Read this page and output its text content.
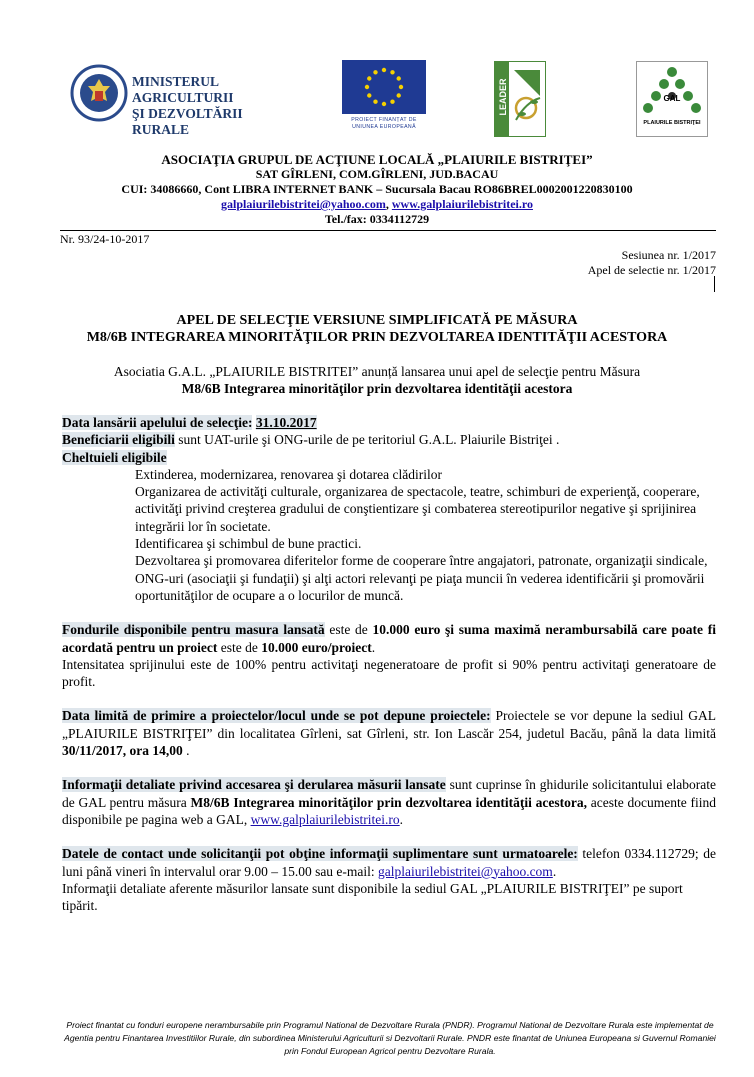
MINISTERUL AGRICULTURII
ŞI DEZVOLTĂRII RURALE
PROIECT FINANȚAT DE
UNIUNEA EUROPEANĂ
LEADER	GAL
PLAIURILE BISTRIŢEI
ASOCIAŢIA GRUPUL DE ACŢIUNE LOCALĂ „PLAIURILE BISTRIŢEI”
SAT GÎRLENI, COM.GÎRLENI, JUD.BACAU
CUI: 34086660, Cont LIBRA INTERNET BANK – Sucursala Bacau RO86BREL0002001220830100
galplaiurilebistritei@yahoo.com, www.galplaiurilebistritei.ro
Tel./fax: 0334112729
Nr. 93/24-10-2017
Sesiunea nr. 1/2017
Apel de selectie nr. 1/2017
APEL DE SELECŢIE VERSIUNE SIMPLIFICATĂ PE MĂSURA
M8/6B INTEGRAREA MINORITĂŢILOR PRIN DEZVOLTAREA IDENTITĂŢII ACESTORA
Asociatia G.A.L. „PLAIURILE BISTRITEI” anunță lansarea unui apel de selecţie pentru Măsura
M8/6B Integrarea minorităţilor prin dezvoltarea identităţii acestora

Data lansării apelului de selecţie: 31.10.2017

Beneficiarii eligibili sunt UAT-urile şi ONG-urile de pe teritoriul G.A.L. Plaiurile Bistriţei .

Cheltuieli eligibile

Extinderea, modernizarea, renovarea şi dotarea clădirilor

Organizarea de activităţi culturale, organizarea de spectacole, teatre, schimburi de experienţă, cooperare, activităţi privind creşterea gradului de conştientizare şi combaterea stereotipurilor negative şi sprijinirea integrării lor în societate.

Identificarea şi schimbul de bune practici.

Dezvoltarea şi promovarea diferitelor forme de cooperare între angajatori, patronate, organizaţii sindicale, ONG-uri (asociaţii şi fundaţii) şi alţi actori relevanţi pe piaţa muncii în vederea identificării şi promovării oportunităţilor de ocupare a o locurilor de muncă.

Fondurile disponibile pentru masura lansată este de 10.000 euro şi suma maximă nerambursabilă care poate fi acordată pentru un proiect este de 10.000 euro/proiect.

Intensitatea sprijinului este de 100% pentru activitaţi negeneratoare de profit si 90% pentru activitaţi generatoare de profit.

Data limită de primire a proiectelor/locul unde se pot depune proiectele: Proiectele se vor depune la sediul GAL „PLAIURILE BISTRIŢEI” din localitatea Gîrleni, sat Gîrleni, str. Ion Lascăr 254, judetul Bacău, până la data limită 30/11/2017, ora 14,00 .

Informaţii detaliate privind accesarea şi derularea măsurii lansate sunt cuprinse în ghidurile solicitantului elaborate de GAL pentru măsura M8/6B Integrarea minorităţilor prin dezvoltarea identităţii acestora, aceste documente fiind disponibile pe pagina web a GAL, www.galplaiurilebistritei.ro.

Datele de contact unde solicitanţii pot obţine informaţii suplimentare sunt urmatoarele: telefon 0334.112729; de luni până vineri în intervalul orar 9.00 – 15.00 sau e-mail: galplaiurilebistritei@yahoo.com.

Informaţii detaliate aferente măsurilor lansate sunt disponibile la sediul GAL „PLAIURILE BISTRIŢEI” pe suport tipărit.

Proiect finantat cu fonduri europene nerambursabile prin Programul National de Dezvoltare Rurala (PNDR). Programul National de Dezvoltare Rurala este implementat de Agentia pentru Finantarea Investitiilor Rurale, din subordinea Ministerului Agriculturii si Dezvoltarii Rurale. PNDR este finantat de Uniunea Europeana si Guvernul Romaniei prin Fondul European Agricol pentru Dezvoltare Rurala.
